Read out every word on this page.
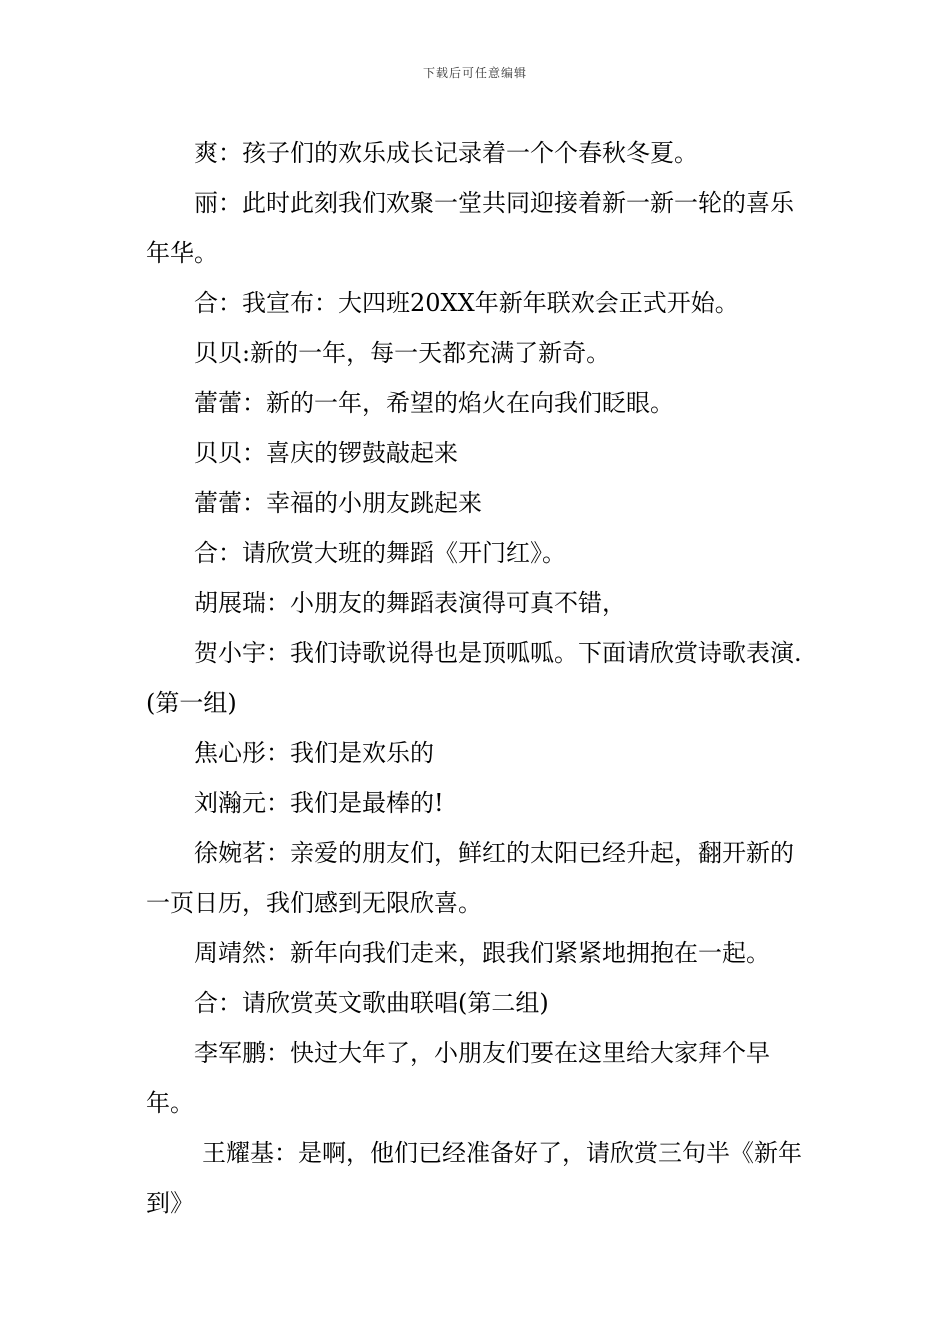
下载后可任意编辑

爽：孩子们的欢乐成长记录着一个个春秋冬夏。

丽：此时此刻我们欢聚一堂共同迎接着新一新一轮的喜乐年华。

合：我宣布：大四班20XX年新年联欢会正式开始。

贝贝:新的一年，每一天都充满了新奇。

蕾蕾：新的一年，希望的焰火在向我们眨眼。

贝贝：喜庆的锣鼓敲起来

蕾蕾：幸福的小朋友跳起来

合：请欣赏大班的舞蹈《开门红》。

胡展瑞：小朋友的舞蹈表演得可真不错，

贺小宇：我们诗歌说得也是顶呱呱。下面请欣赏诗歌表演.(第一组)

焦心彤：我们是欢乐的

刘瀚元：我们是最棒的!

徐婉茗：亲爱的朋友们，鲜红的太阳已经升起，翻开新的一页日历，我们感到无限欣喜。

周靖然：新年向我们走来，跟我们紧紧地拥抱在一起。

合：请欣赏英文歌曲联唱(第二组)

李军鹏：快过大年了，小朋友们要在这里给大家拜个早年。

王耀基：是啊，他们已经准备好了，请欣赏三句半《新年到》
